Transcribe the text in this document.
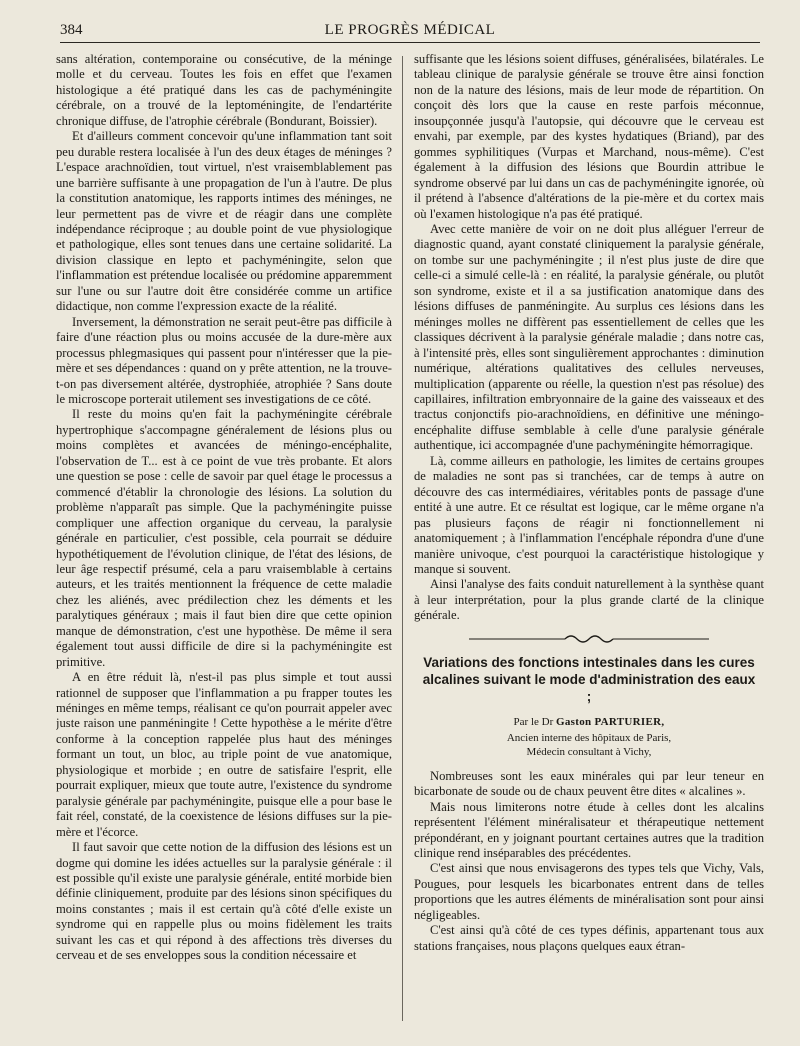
384	LE PROGRÈS MÉDICAL

sans altération, contemporaine ou consécutive, de la méninge molle et du cerveau. Toutes les fois en effet que l'examen histologique a été pratiqué dans les cas de pachyméningite cérébrale, on a trouvé de la leptoméningite, de l'endartérite chronique diffuse, de l'atrophie cérébrale (Bondurant, Boissier).

Et d'ailleurs comment concevoir qu'une inflammation tant soit peu durable restera localisée à l'un des deux étages de méninges ? L'espace arachnoïdien, tout virtuel, n'est vraisemblablement pas une barrière suffisante à une propagation de l'un à l'autre. De plus la constitution anatomique, les rapports intimes des méninges, ne leur permettent pas de vivre et de réagir dans une complète indépendance réciproque ; au double point de vue physiologique et pathologique, elles sont tenues dans une certaine solidarité. La division classique en lepto et pachyméningite, selon que l'inflammation est prétendue localisée ou prédomine apparemment sur l'une ou sur l'autre doit être considérée comme un artifice didactique, non comme l'expression exacte de la réalité.

Inversement, la démonstration ne serait peut-être pas difficile à faire d'une réaction plus ou moins accusée de la dure-mère aux processus phlegmasiques qui passent pour n'intéresser que la pie-mère et ses dépendances : quand on y prête attention, ne la trouve-t-on pas diversement altérée, dystrophiée, atrophiée ? Sans doute le microscope porterait utilement ses investigations de ce côté.

Il reste du moins qu'en fait la pachyméningite cérébrale hypertrophique s'accompagne généralement de lésions plus ou moins complètes et avancées de méningo-encéphalite, l'observation de T... est à ce point de vue très probante. Et alors une question se pose : celle de savoir par quel étage le processus a commencé d'établir la chronologie des lésions. La solution du problème n'apparaît pas simple. Que la pachyméningite puisse compliquer une affection organique du cerveau, la paralysie générale en particulier, c'est possible, cela pourrait se déduire hypothétiquement de l'évolution clinique, de l'état des lésions, de leur âge respectif présumé, cela a paru vraisemblable à certains auteurs, et les traités mentionnent la fréquence de cette maladie chez les aliénés, avec prédilection chez les déments et les paralytiques généraux ; mais il faut bien dire que cette opinion manque de démonstration, c'est une hypothèse. De même il sera également tout aussi difficile de dire si la pachyméningite est primitive.

A en être réduit là, n'est-il pas plus simple et tout aussi rationnel de supposer que l'inflammation a pu frapper toutes les méninges en même temps, réalisant ce qu'on pourrait appeler avec juste raison une panméningite ! Cette hypothèse a le mérite d'être conforme à la conception rappelée plus haut des méninges formant un tout, un bloc, au triple point de vue anatomique, physiologique et morbide ; en outre de satisfaire l'esprit, elle pourrait expliquer, mieux que toute autre, l'existence du syndrome paralysie générale par pachyméningite, puisque elle a pour base le fait réel, constaté, de la coexistence de lésions diffuses sur la pie-mère et l'écorce.

Il faut savoir que cette notion de la diffusion des lésions est un dogme qui domine les idées actuelles sur la paralysie générale : il est possible qu'il existe une paralysie générale, entité morbide bien définie cliniquement, produite par des lésions sinon spécifiques du moins constantes ; mais il est certain qu'à côté d'elle existe un syndrome qui en rappelle plus ou moins fidèlement les traits suivant les cas et qui répond à des affections très diverses du cerveau et de ses enveloppes sous la condition nécessaire et

suffisante que les lésions soient diffuses, généralisées, bilatérales. Le tableau clinique de paralysie générale se trouve être ainsi fonction non de la nature des lésions, mais de leur mode de répartition. On conçoit dès lors que la cause en reste parfois méconnue, insoupçonnée jusqu'à l'autopsie, qui découvre que le cerveau est envahi, par exemple, par des kystes hydatiques (Briand), par des gommes syphilitiques (Vurpas et Marchand, nous-même). C'est également à la diffusion des lésions que Bourdin attribue le syndrome observé par lui dans un cas de pachyméningite ignorée, où il prétend à l'absence d'altérations de la pie-mère et du cortex mais où l'examen histologique n'a pas été pratiqué.

Avec cette manière de voir on ne doit plus alléguer l'erreur de diagnostic quand, ayant constaté cliniquement la paralysie générale, on tombe sur une pachyméningite ; il n'est plus juste de dire que celle-ci a simulé celle-là : en réalité, la paralysie générale, ou plutôt son syndrome, existe et il a sa justification anatomique dans des lésions diffuses de panméningite. Au surplus ces lésions dans les méninges molles ne diffèrent pas essentiellement de celles que les classiques décrivent à la paralysie générale maladie ; dans notre cas, à l'intensité près, elles sont singulièrement approchantes : diminution numérique, altérations qualitatives des cellules nerveuses, multiplication (apparente ou réelle, la question n'est pas résolue) des capillaires, infiltration embryonnaire de la gaine des vaisseaux et des tractus conjonctifs pio-arachnoïdiens, en définitive une méningo-encéphalite diffuse semblable à celle d'une paralysie générale authentique, ici accompagnée d'une pachyméningite hémorragique.

Là, comme ailleurs en pathologie, les limites de certains groupes de maladies ne sont pas si tranchées, car de temps à autre on découvre des cas intermédiaires, véritables ponts de passage d'une entité à une autre. Et ce résultat est logique, car le même organe n'a pas plusieurs façons de réagir ni fonctionnellement ni anatomiquement ; à l'inflammation l'encéphale répondra d'une d'une manière univoque, c'est pourquoi la caractéristique histologique y manque si souvent.

Ainsi l'analyse des faits conduit naturellement à la synthèse quant à leur interprétation, pour la plus grande clarté de la clinique générale.

Variations des fonctions intestinales dans les cures alcalines suivant le mode d'administration des eaux ;
Par le Dr Gaston PARTURIER,
Ancien interne des hôpitaux de Paris,
Médecin consultant à Vichy,

Nombreuses sont les eaux minérales qui par leur teneur en bicarbonate de soude ou de chaux peuvent être dites « alcalines ».

Mais nous limiterons notre étude à celles dont les alcalins représentent l'élément minéralisateur et thérapeutique nettement prépondérant, en y joignant pourtant certaines autres que la tradition clinique rend inséparables des précédentes.

C'est ainsi que nous envisagerons des types tels que Vichy, Vals, Pougues, pour lesquels les bicarbonates entrent dans de telles proportions que les autres éléments de minéralisation sont pour ainsi négligeables.

C'est ainsi qu'à côté de ces types définis, appartenant tous aux stations françaises, nous plaçons quelques eaux étran-
